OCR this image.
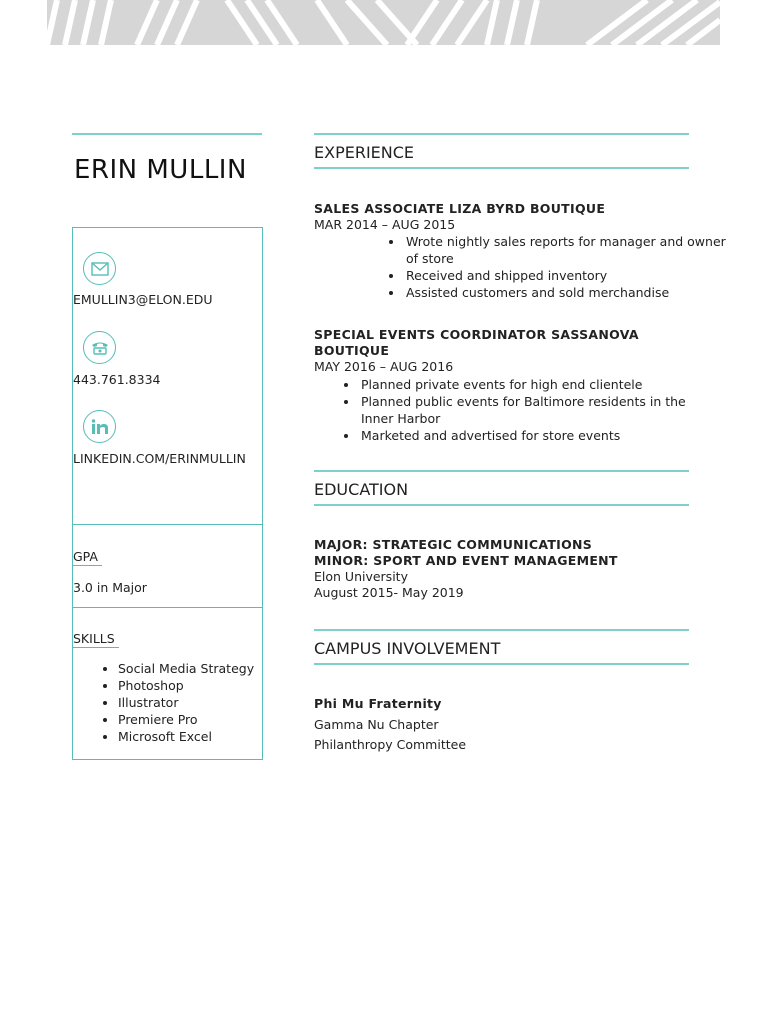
ERIN MULLIN
EMULLIN3@ELON.EDU
443.761.8334
LINKEDIN.COM/ERINMULLIN
GPA
3.0 in Major
SKILLS
• Social Media Strategy
• Photoshop
• Illustrator
• Premiere Pro
• Microsoft Excel
EXPERIENCE
SALES ASSOCIATE LIZA BYRD BOUTIQUE
MAR 2014 – AUG 2015
• Wrote nightly sales reports for manager and owner of store
• Received and shipped inventory
• Assisted customers and sold merchandise
SPECIAL EVENTS COORDINATOR SASSANOVA BOUTIQUE
MAY 2016 – AUG 2016
• Planned private events for high end clientele
• Planned public events for Baltimore residents in the Inner Harbor
• Marketed and advertised for store events
EDUCATION
MAJOR: STRATEGIC COMMUNICATIONS
MINOR: SPORT AND EVENT MANAGEMENT
Elon University
August 2015- May 2019
CAMPUS INVOLVEMENT
Phi Mu Fraternity
Gamma Nu Chapter
Philanthropy Committee
